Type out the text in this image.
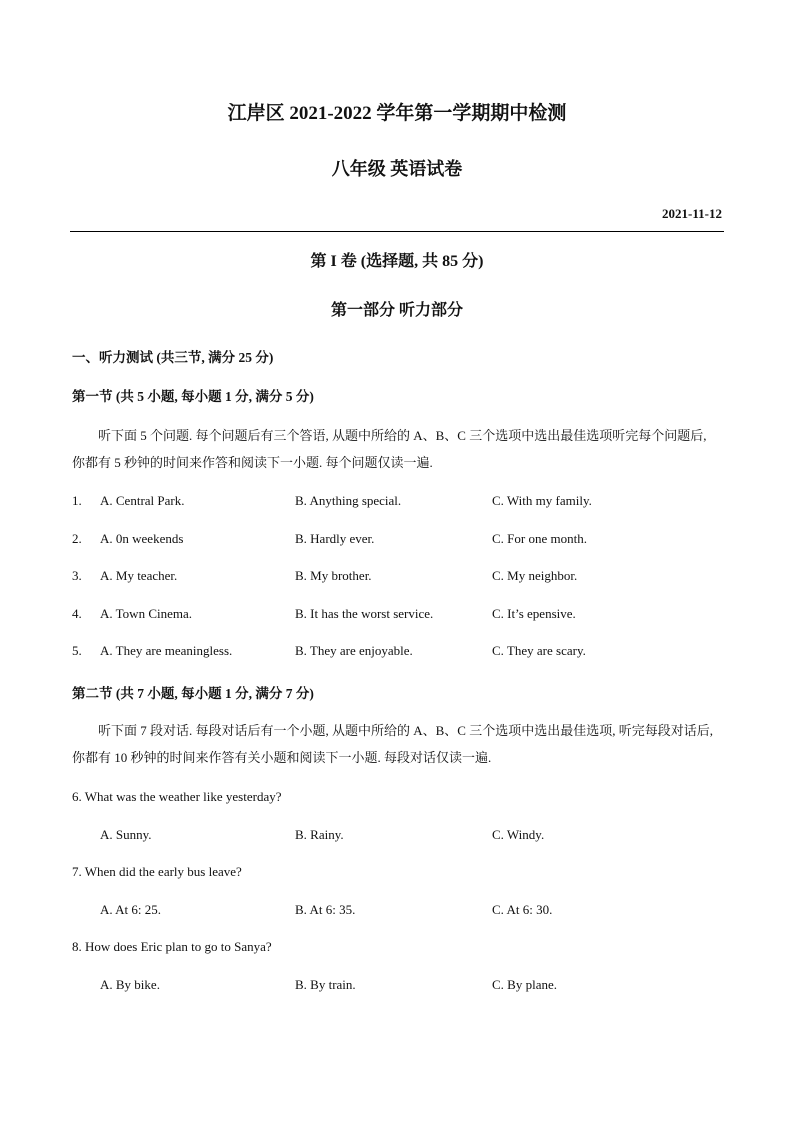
江岸区 2021-2022 学年第一学期期中检测
八年级 英语试卷
2021-11-12
第 I 卷 (选择题, 共 85 分)
第一部分 听力部分
一、听力测试 (共三节, 满分 25 分)
第一节 (共 5 小题, 每小题 1 分, 满分 5 分)
听下面 5 个问题. 每个问题后有三个答语, 从题中所给的 A、B、C 三个选项中选出最佳选项听完每个问题后, 你都有 5 秒钟的时间来作答和阅读下一小题. 每个问题仅读一遍.
1. A. Central Park.	B. Anything special.	C. With my family.
2. A. 0n weekends	B. Hardly ever.	C. For one month.
3. A. My teacher.	B. My brother.	C. My neighbor.
4. A. Town Cinema.	B. It has the worst service.	C. It’s epensive.
5. A. They are meaningless.	B. They are enjoyable.	C. They are scary.
第二节 (共 7 小题, 每小题 1 分, 满分 7 分)
听下面 7 段对话. 每段对话后有一个小题, 从题中所给的 A、B、C 三个选项中选出最佳选项, 听完每段对话后, 你都有 10 秒钟的时间来作答有关小题和阅读下一小题. 每段对话仅读一遍.
6. What was the weather like yesterday?
A. Sunny.	B. Rainy.	C. Windy.
7. When did the early bus leave?
A. At 6: 25.	B. At 6: 35.	C. At 6: 30.
8. How does Eric plan to go to Sanya?
A. By bike.	B. By train.	C. By plane.
